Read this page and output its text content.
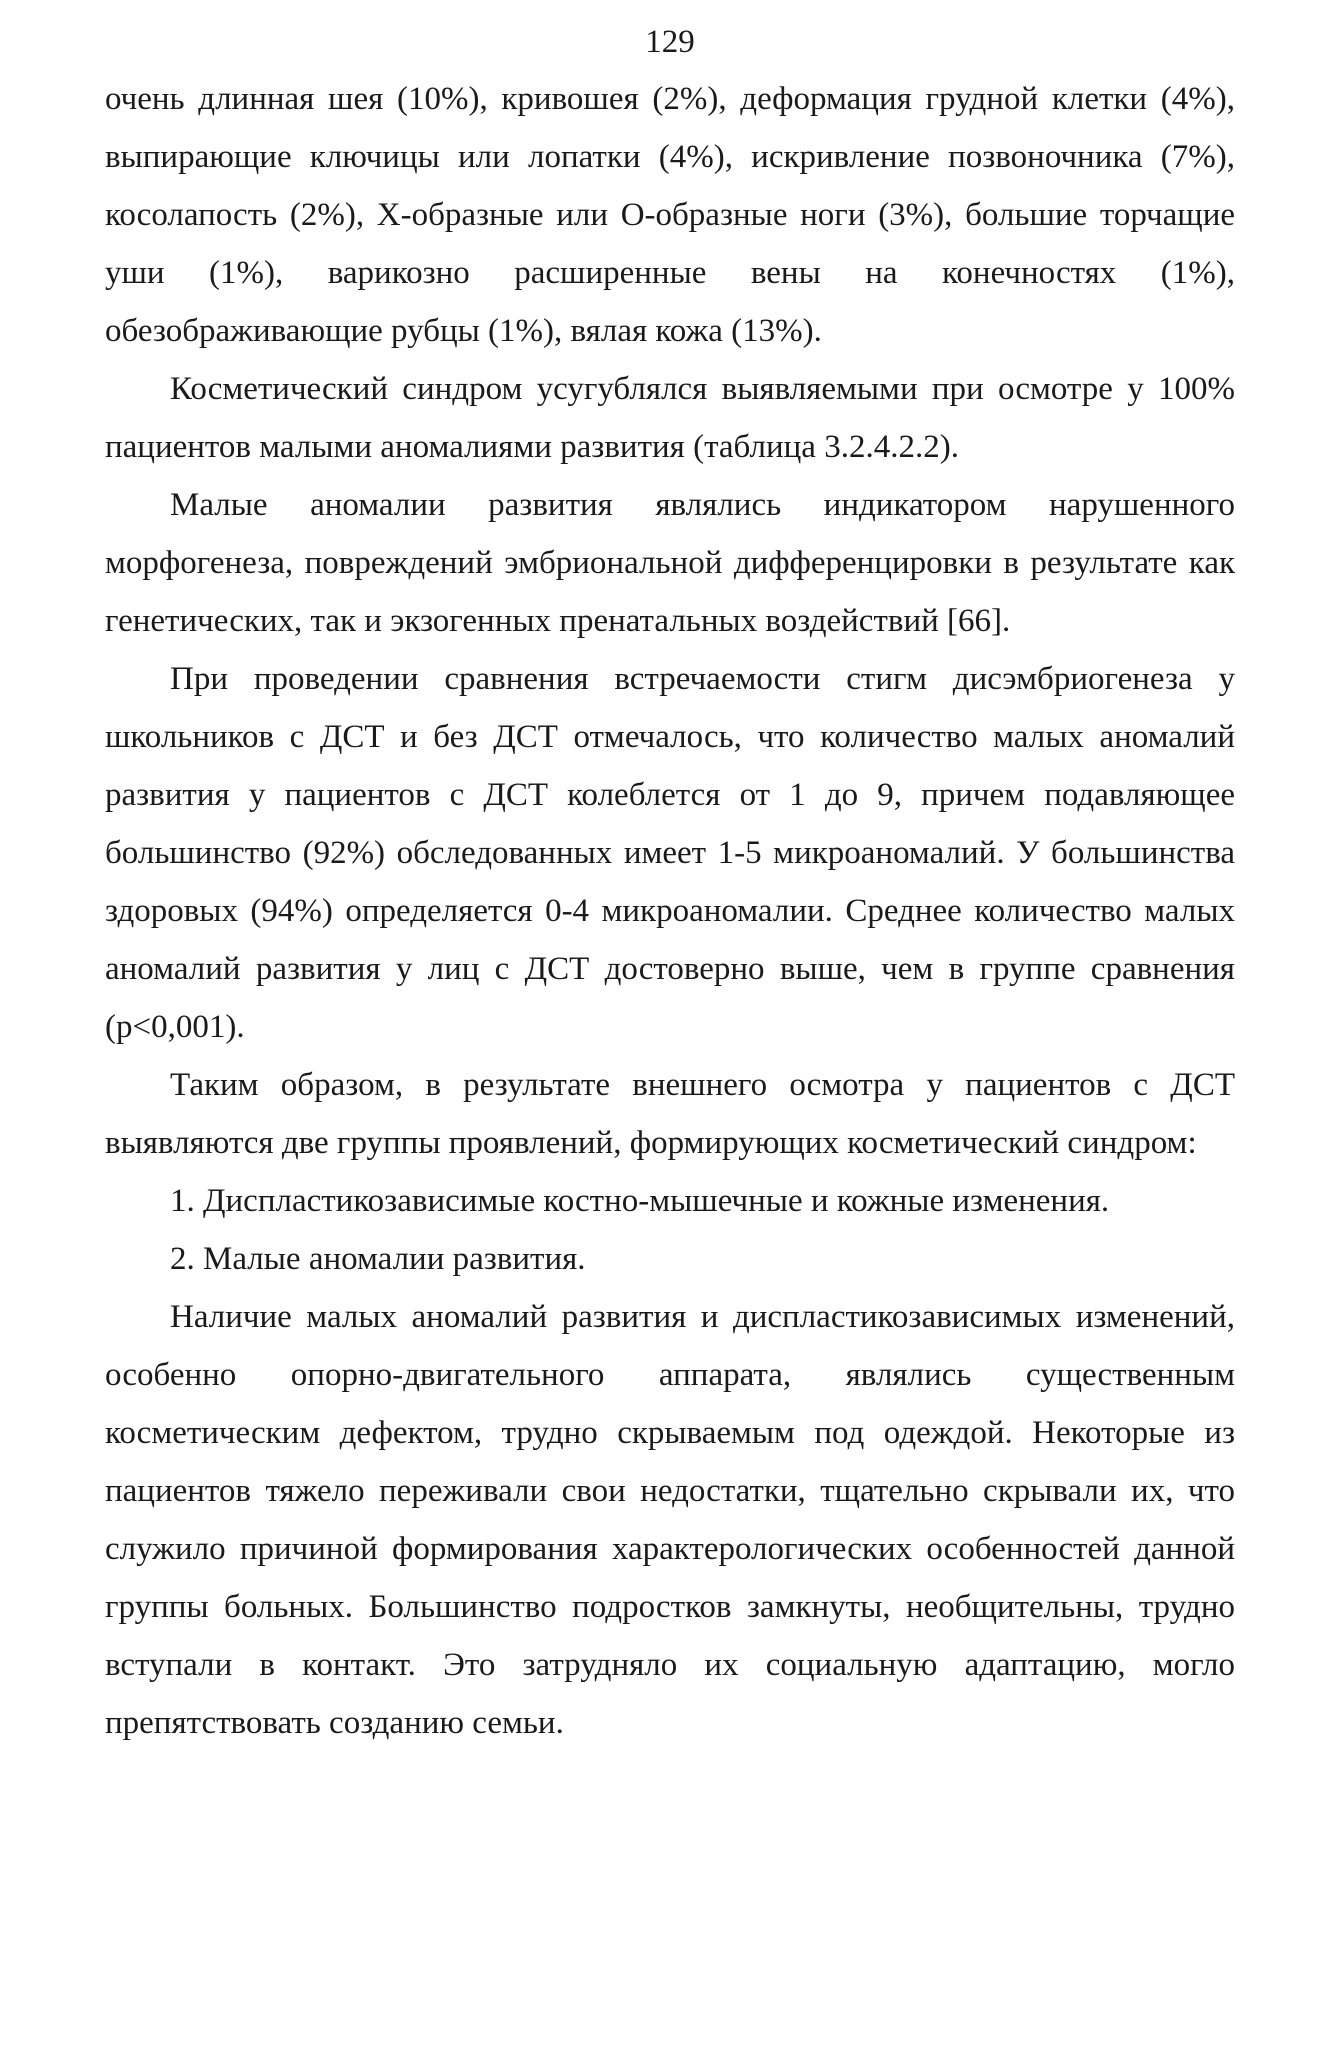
129

очень длинная шея (10%), кривошея (2%), деформация грудной клетки (4%), выпирающие ключицы или лопатки (4%), искривление позвоночника (7%), косолапость (2%), Х-образные или О-образные ноги (3%), большие торчащие уши (1%), варикозно расширенные вены на конечностях (1%), обезображивающие рубцы (1%), вялая кожа (13%).

Косметический синдром усугублялся выявляемыми при осмотре у 100% пациентов малыми аномалиями развития (таблица 3.2.4.2.2).

Малые аномалии развития являлись индикатором нарушенного морфогенеза, повреждений эмбриональной дифференцировки в результате как генетических, так и экзогенных пренатальных воздействий [66].

При проведении сравнения встречаемости стигм дисэмбриогенеза у школьников с ДСТ и без ДСТ отмечалось, что количество малых аномалий развития у пациентов с ДСТ колеблется от 1 до 9, причем подавляющее большинство (92%) обследованных имеет 1-5 микроаномалий. У большинства здоровых (94%) определяется 0-4 микроаномалии. Среднее количество малых аномалий развития у лиц с ДСТ достоверно выше, чем в группе сравнения (p<0,001).

Таким образом, в результате внешнего осмотра у пациентов с ДСТ выявляются две группы проявлений, формирующих косметический синдром:

1. Диспластикозависимые костно-мышечные и кожные изменения.

2. Малые аномалии развития.

Наличие малых аномалий развития и диспластикозависимых изменений, особенно опорно-двигательного аппарата, являлись существенным косметическим дефектом, трудно скрываемым под одеждой. Некоторые из пациентов тяжело переживали свои недостатки, тщательно скрывали их, что служило причиной формирования характерологических особенностей данной группы больных. Большинство подростков замкнуты, необщительны, трудно вступали в контакт. Это затрудняло их социальную адаптацию, могло препятствовать созданию семьи.
